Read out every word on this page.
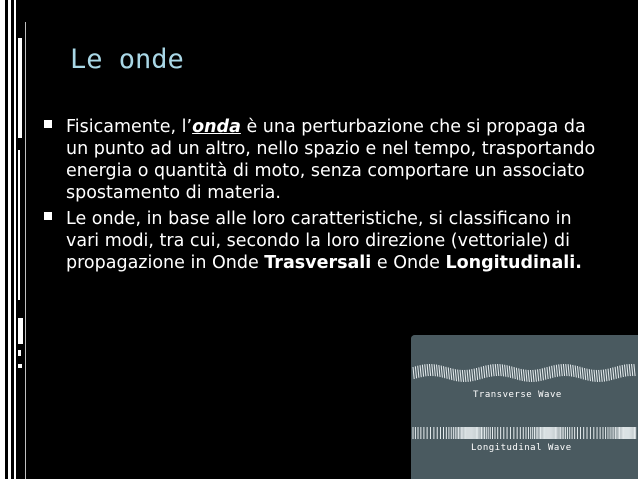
Le onde
Fisicamente, l’onda è una perturbazione che si propaga da un punto ad un altro, nello spazio e nel tempo, trasportando energia o quantità di moto, senza comportare un associato spostamento di materia.
Le onde, in base alle loro caratteristiche, si classificano in vari modi, tra cui, secondo la loro direzione (vettoriale) di propagazione in Onde Trasversali e Onde Longitudinali.
Transverse Wave
Longitudinal Wave
